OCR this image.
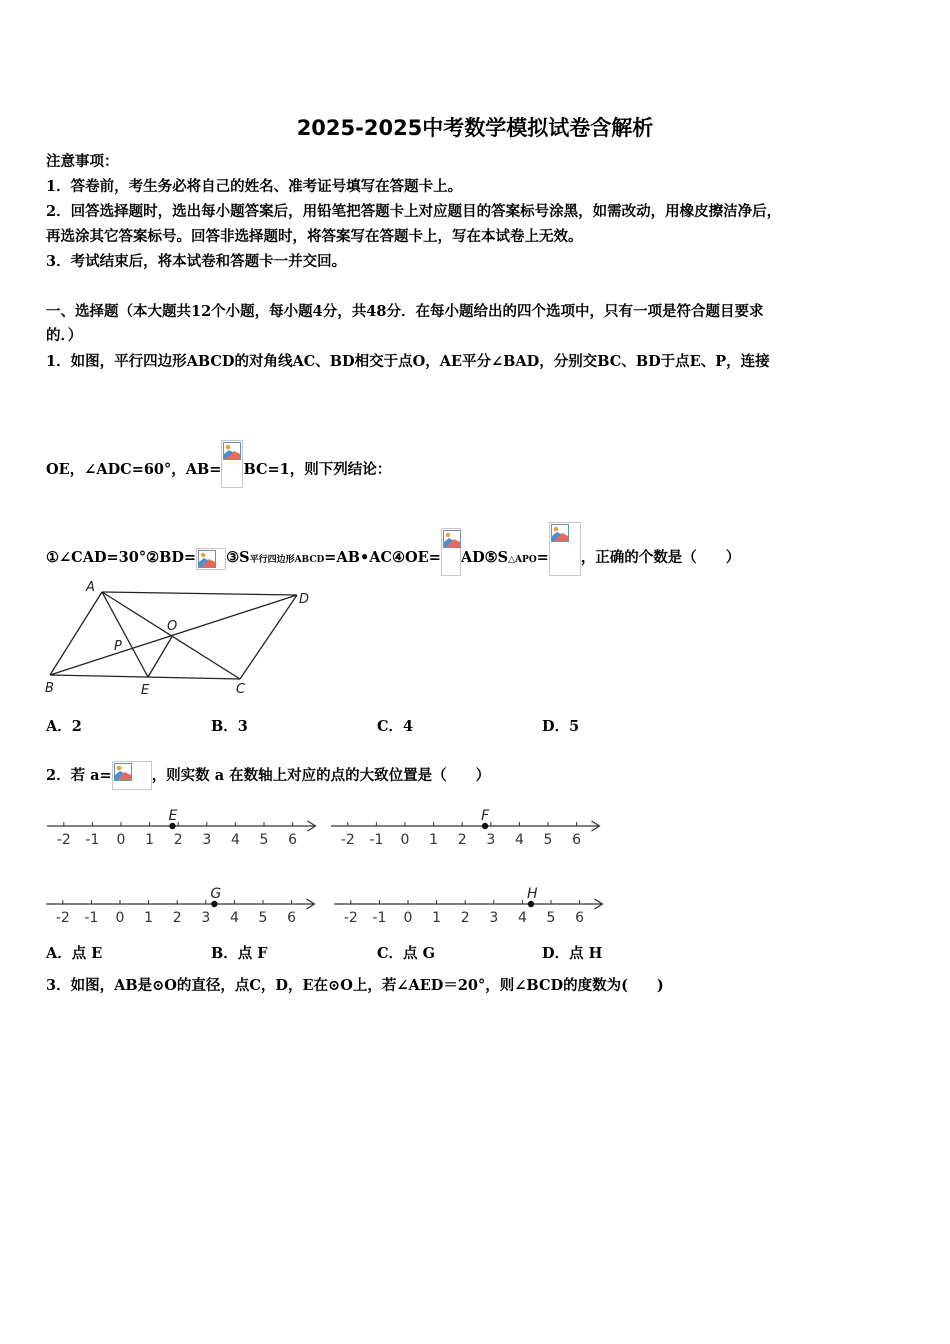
2025-2025中考数学模拟试卷含解析
注意事项：
1．答卷前，考生务必将自己的姓名、准考证号填写在答题卡上。
2．回答选择题时，选出每小题答案后，用铅笔把答题卡上对应题目的答案标号涂黑，如需改动，用橡皮擦洁净后，
再选涂其它答案标号。回答非选择题时，将答案写在答题卡上，写在本试卷上无效。
3．考试结束后，将本试卷和答题卡一并交回。
一、选择题（本大题共12个小题，每小题4分，共48分．在每小题给出的四个选项中，只有一项是符合题目要求
的．）
1．如图，平行四边形ABCD的对角线AC、BD相交于点O，AE平分∠BAD，分别交BC、BD于点E、P，连接
OE，∠ADC=60°，AB= BC=1，则下列结论：
①∠CAD=30°②BD= ③S平行四边形ABCD=AB•AC④OE= AD⑤S△APO= ，正确的个数是（　　）
A
D
O
P
B	E	C
A．2	B．3	C．4	D．5
2．若 a=	，则实数 a 在数轴上对应的点的大致位置是（　　）
-2 -1 0 1 2 3 4 5 6
E
-2 -1 0 1 2 3 4 5 6
F
-2 -1 0 1 2 3 4 5 6
G
-2 -1 0 1 2 3 4 5 6
H
A．点 E	B．点 F	C．点 G	D．点 H
3．如图，AB是⊙O的直径，点C，D，E在⊙O上，若∠AED＝20°，则∠BCD的度数为(　　)
